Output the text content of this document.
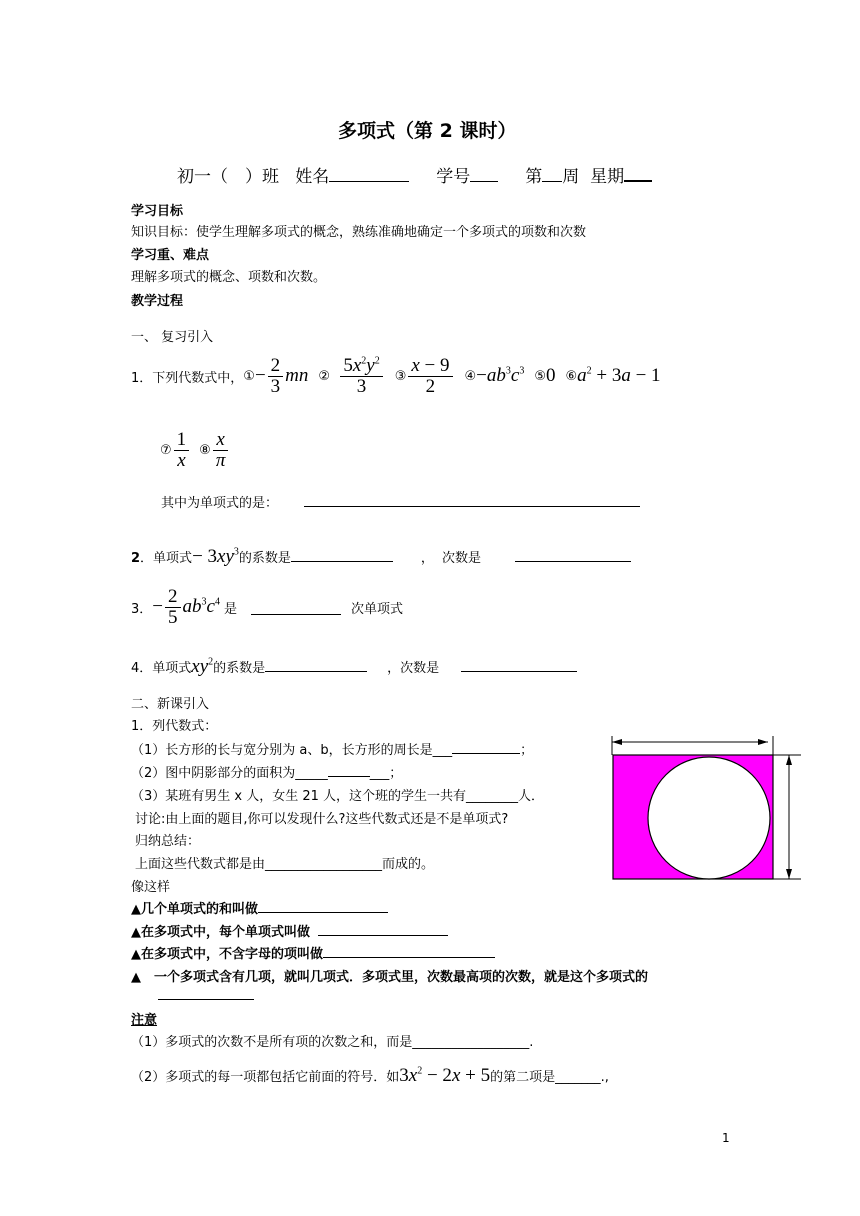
多项式（第 2 课时）
初一（　）班 姓名	学号	第 周 星期
学习目标
知识目标：使学生理解多项式的概念，熟练准确地确定一个多项式的项数和次数
学习重、难点
理解多项式的概念、项数和次数。
教学过程
一、 复习引入
1．下列代数式中， ① − $\frac{2}{3}$ mn ② $\frac{5x^2y^2}{3}$ ③ $\frac{x - 9}{2}$ ④ $-ab^3c^3$ ⑤ 0 ⑥ $a^2 + 3a - 1$
⑦ $\frac{1}{x}$ ⑧ $\frac{x}{\pi}$
其中为单项式的是：
2 ．单项式 − $3xy^3$ 的系数是	， 次数是
3． − $\frac{2}{5} ab^3c^4$ 是	次单项式
4．单项式 $xy^2$ 的系数是	，次数是
二、新课引入
1．列代数式：
（1）长方形的长与宽分别为 a、b，长方形的周长是___	；
（2）图中阴影部分的面积为_____	___；
（3）某班有男生 x 人，女生 21 人，这个班的学生一共有________人．
讨论:由上面的题目,你可以发现什么?这些代数式还是不是单项式?
归纳总结：
上面这些代数式都是由__________________而成的。
像这样
▲几个单项式的和叫做
▲在多项式中，每个单项式叫做
▲在多项式中，不含字母的项叫做
▲　一个多项式含有几项，就叫几项式．多项式里，次数最高项的次数，就是这个多项式的
注意
（1）多项式的次数不是所有项的次数之和，而是__________________.
（2）多项式的每一项都包括它前面的符号．如 $3x^2 - 2x + 5$ 的第二项是_______.,
1
